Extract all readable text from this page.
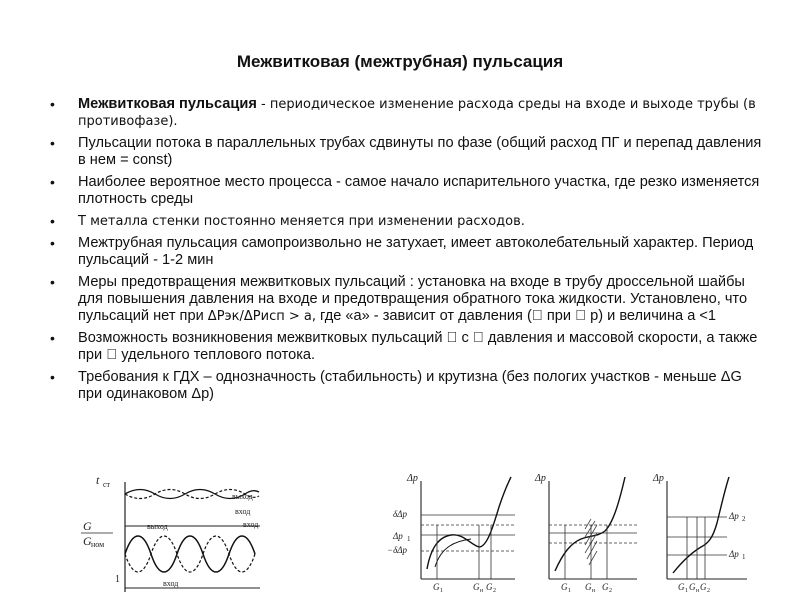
Межвитковая (межтрубная) пульсация
• Межвитковая пульсация - периодическое изменение расхода среды на входе и выходе трубы (в противофазе).
• Пульсации потока в параллельных трубах сдвинуты по фазе (общий расход ПГ и перепад давления в нем = const)
• Наиболее вероятное место процесса - самое начало испарительного участка, где резко изменяется плотность среды
• T металла стенки постоянно меняется при изменении расходов.
• Межтрубная пульсация самопроизвольно не затухает, имеет автоколебательный характер. Период пульсаций - 1-2 мин
• Меры предотвращения межвитковых пульсаций : установка на входе в трубу дроссельной шайбы для повышения давления на входе и предотвращения обратного тока жидкости. Установлено, что пульсаций нет при ΔРэк/ΔРисп > a, где «а» - зависит от давления ( при p) и величина a <1
• Возможность возникновения межвитковых пульсаций с давления и массовой скорости, а также при удельного теплового потока.
• Требования к ГДХ – однозначность (стабильность) и крутизна (без пологих участков - меньше ΔG при одинаковом Δp)
t ст
G
G ном
1
выход
вход
выход	вход
вход
Δp
δΔp
Δp 1
−δΔp
G 1	G н G 2
Δp
G 1 G н G 2
Δp
Δp 2
Δp 1
G 1 G н G 2
